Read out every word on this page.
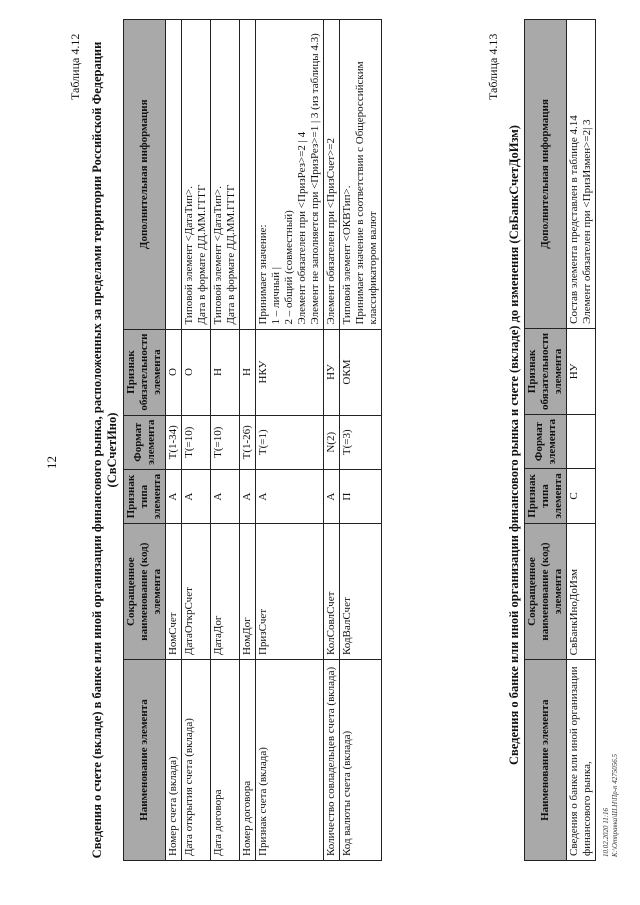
12
Таблица 4.12 Сведения о счете (вкладе) в банке или иной организации финансового рынка, расположенных за пределами территории Российской Федерации (СвСчетИно)
Наименование элемента	Сокращенное наименование (код) элемента	Признак типа элемента	Формат элемента	Признак обязательности элемента	Дополнительная информация

Номер счета (вклада)	НомСчет	А	T(1-34)	О	

Дата открытия счета (вклада)	ДатаОткрСчет	А	T(=10)	О	Типовой элемент <ДатаТип>. Дата в формате ДД.ММ.ГГГГ

Дата договора	ДатаДог	А	T(=10)	Н	Типовой элемент <ДатаТип>. Дата в формате ДД.ММ.ГГГГ

Номер договора	НомДог	А	T(1-26)	Н	

Признак счета (вклада)	ПризСчет	А	T(=1)	НКУ	Принимает значение: 1 – личный | 2 – общий (совместный) Элемент обязателен при <ПризРез>=2 | 4 Элемент не заполняется при <ПризРез>=1 | 3 (из таблицы 4.3)

Количество совладельцев счета (вклада)	КолСовлСчет	А	N(2)	НУ	Элемент обязателен при <ПризСчет>=2

Код валюты счета (вклада)	КодВалСчет	П	T(=3)	ОКМ	Типовой элемент <ОКВТип>. Принимает значение в соответствии с Общероссийским классификатором валют
Таблица 4.13
Сведения о банке или иной организации финансового рынка и счете (вкладе) до изменения (СвБанкСчетДоИзм) Наименование элемента	Сокращенное наименование (код) элемента	Признак типа элемента	Формат элемента	Признак обязательности элемента	Дополнительная информация

Сведения о банке или иной организации финансового рынка,	СвБанкИноДоИзм	С		НУ	Состав элемента представлен в таблице 4.14 Элемент обязателен при <ПризИзмен>=2| 3
10.02.2020 11:16 К:\Отправка\Ш.Н\Пр-п 4275056.5
